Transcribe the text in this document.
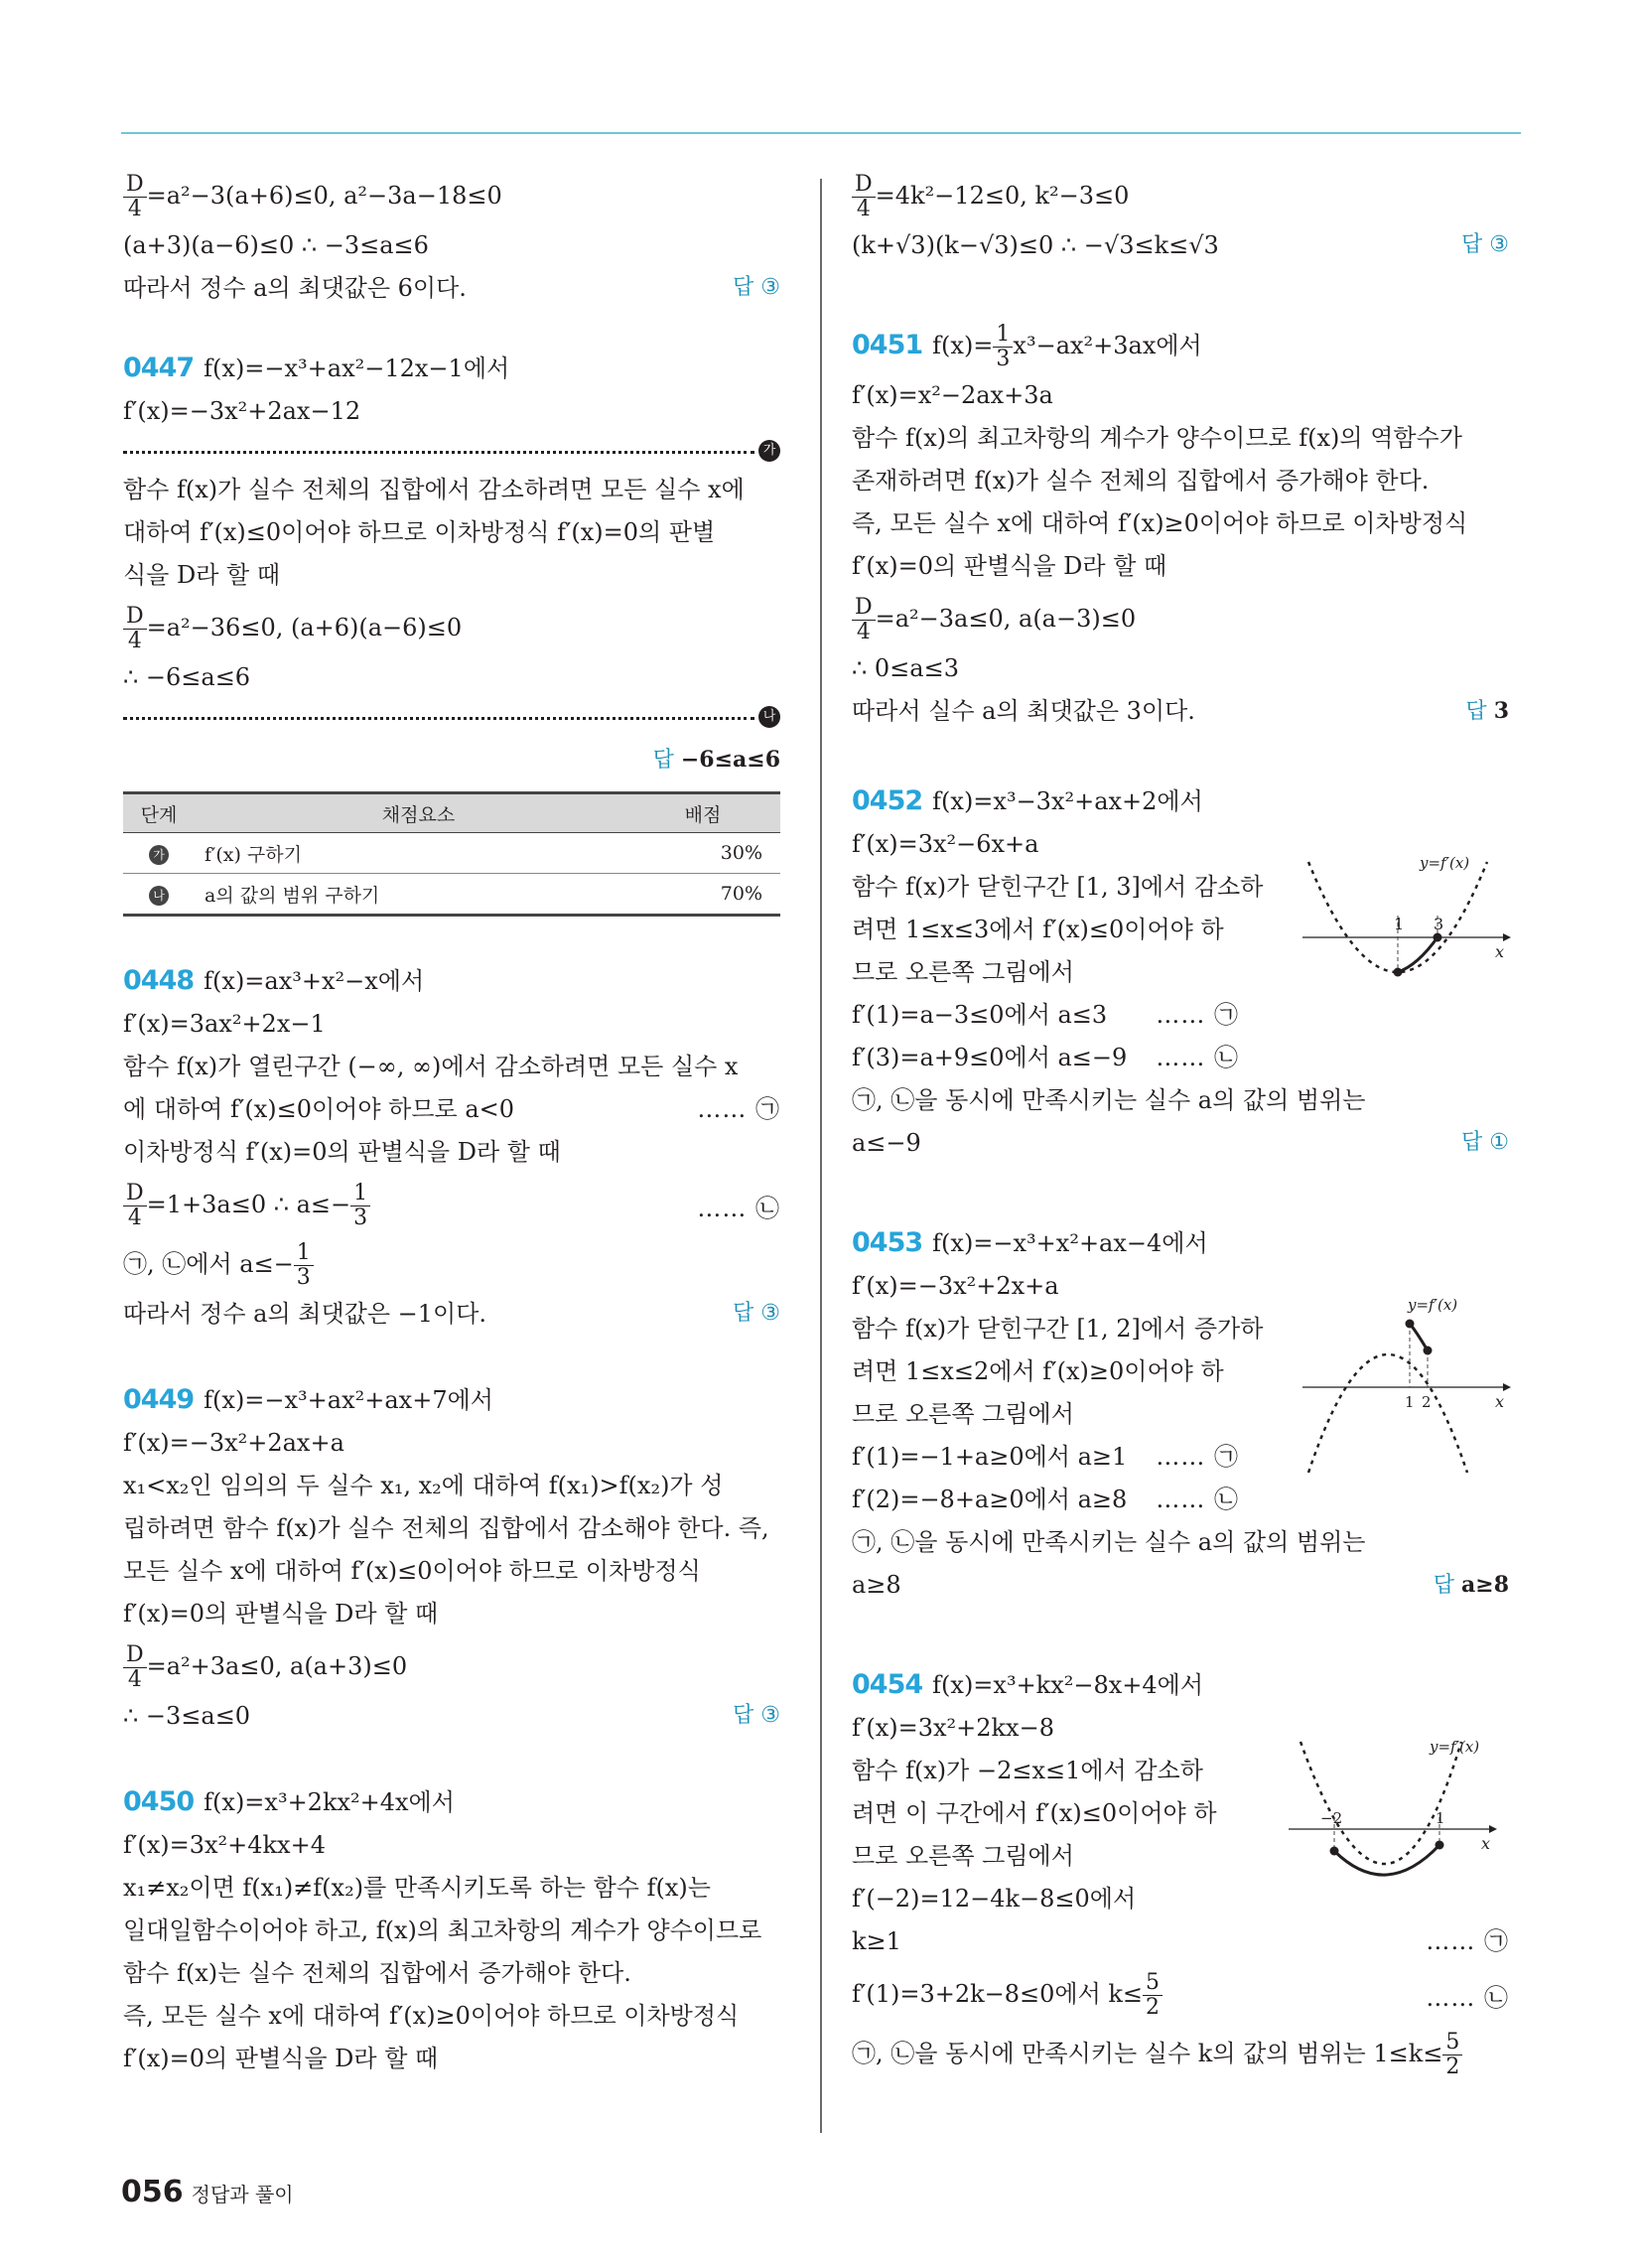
$\frac{D}{4} =a^2-3(a+6)\le 0$, a²−3a−18≤0
(a+3)(a−6)≤0 ∴ −3≤a≤6
따라서 정수 a의 최댓값은 6이다.	답 ③
0447 f(x)=−x³+ax²−12x−1에서
f′(x)=−3x²+2ax−12
가
함수 f(x)가 실수 전체의 집합에서 감소하려면 모든 실수 x에
대하여 f′(x)≤0이어야 하므로 이차방정식 f′(x)=0의 판별
식을 D라 할 때
$\frac{D}{4} =a^2-36\le 0$, (a+6)(a−6)≤0
∴ −6≤a≤6
나
답 −6≤a≤6
단계	채점요소	배점
가	f′(x) 구하기	30%
나	a의 값의 범위 구하기	70%
0448 f(x)=ax³+x²−x에서
f′(x)=3ax²+2x−1
함수 f(x)가 열린구간 (−∞, ∞)에서 감소하려면 모든 실수 x
에 대하여 f′(x)≤0이어야 하므로 a<0	…… ㉠
이차방정식 f′(x)=0의 판별식을 D라 할 때
$\frac{D}{4} =1+3a\le 0$ ∴ $a\le- \frac{1}{3}$	…… ㉡
㉠, ㉡에서 $a\le- \frac{1}{3}$
따라서 정수 a의 최댓값은 −1이다.	답 ③
0449 f(x)=−x³+ax²+ax+7에서
f′(x)=−3x²+2ax+a
x₁<x₂인 임의의 두 실수 x₁, x₂에 대하여 f(x₁)>f(x₂)가 성
립하려면 함수 f(x)가 실수 전체의 집합에서 감소해야 한다. 즉,
모든 실수 x에 대하여 f′(x)≤0이어야 하므로 이차방정식
f′(x)=0의 판별식을 D라 할 때
$\frac{D}{4} =a^2+3a\le 0$, a(a+3)≤0
∴ −3≤a≤0	답 ③
0450 f(x)=x³+2kx²+4x에서
f′(x)=3x²+4kx+4
x₁≠x₂이면 f(x₁)≠f(x₂)를 만족시키도록 하는 함수 f(x)는
일대일함수이어야 하고, f(x)의 최고차항의 계수가 양수이므로
함수 f(x)는 실수 전체의 집합에서 증가해야 한다.
즉, 모든 실수 x에 대하여 f′(x)≥0이어야 하므로 이차방정식
f′(x)=0의 판별식을 D라 할 때
$\frac{D}{4} =4k^2-12\le 0$, k²−3≤0
(k+√3)(k−√3)≤0 ∴ −√3≤k≤√3	답 ③
0451 $f(x)= \frac{1}{3} x^3-ax^2+3ax$에서
f′(x)=x²−2ax+3a
함수 f(x)의 최고차항의 계수가 양수이므로 f(x)의 역함수가
존재하려면 f(x)가 실수 전체의 집합에서 증가해야 한다.
즉, 모든 실수 x에 대하여 f′(x)≥0이어야 하므로 이차방정식
f′(x)=0의 판별식을 D라 할 때
$\frac{D}{4} =a^2-3a\le 0$, a(a−3)≤0
∴ 0≤a≤3
따라서 실수 a의 최댓값은 3이다.	답 3
1 3
x
y=f′(x)
0452 f(x)=x³−3x²+ax+2에서
f′(x)=3x²−6x+a
함수 f(x)가 닫힌구간 [1, 3]에서 감소하
려면 1≤x≤3에서 f′(x)≤0이어야 하
므로 오른쪽 그림에서
f′(1)=a−3≤0에서 a≤3 …… ㉠
f′(3)=a+9≤0에서 a≤−9 …… ㉡
㉠, ㉡을 동시에 만족시키는 실수 a의 값의 범위는
a≤−9	답 ①
1 2	x
y=f′(x)
0453 f(x)=−x³+x²+ax−4에서
f′(x)=−3x²+2x+a
함수 f(x)가 닫힌구간 [1, 2]에서 증가하
려면 1≤x≤2에서 f′(x)≥0이어야 하
므로 오른쪽 그림에서
f′(1)=−1+a≥0에서 a≥1 …… ㉠
f′(2)=−8+a≥0에서 a≥8 …… ㉡
㉠, ㉡을 동시에 만족시키는 실수 a의 값의 범위는
a≥8	답 a≥8
−2	1
x
y=f′(x)
0454 f(x)=x³+kx²−8x+4에서
f′(x)=3x²+2kx−8
함수 f(x)가 −2≤x≤1에서 감소하
려면 이 구간에서 f′(x)≤0이어야 하
므로 오른쪽 그림에서
f′(−2)=12−4k−8≤0에서
k≥1	…… ㉠
f′(1)=3+2k−8≤0에서 $k\le \frac{5}{2}$	…… ㉡
㉠, ㉡을 동시에 만족시키는 실수 k의 값의 범위는 $1\le k\le \frac{5}{2}$
056 정답과 풀이
